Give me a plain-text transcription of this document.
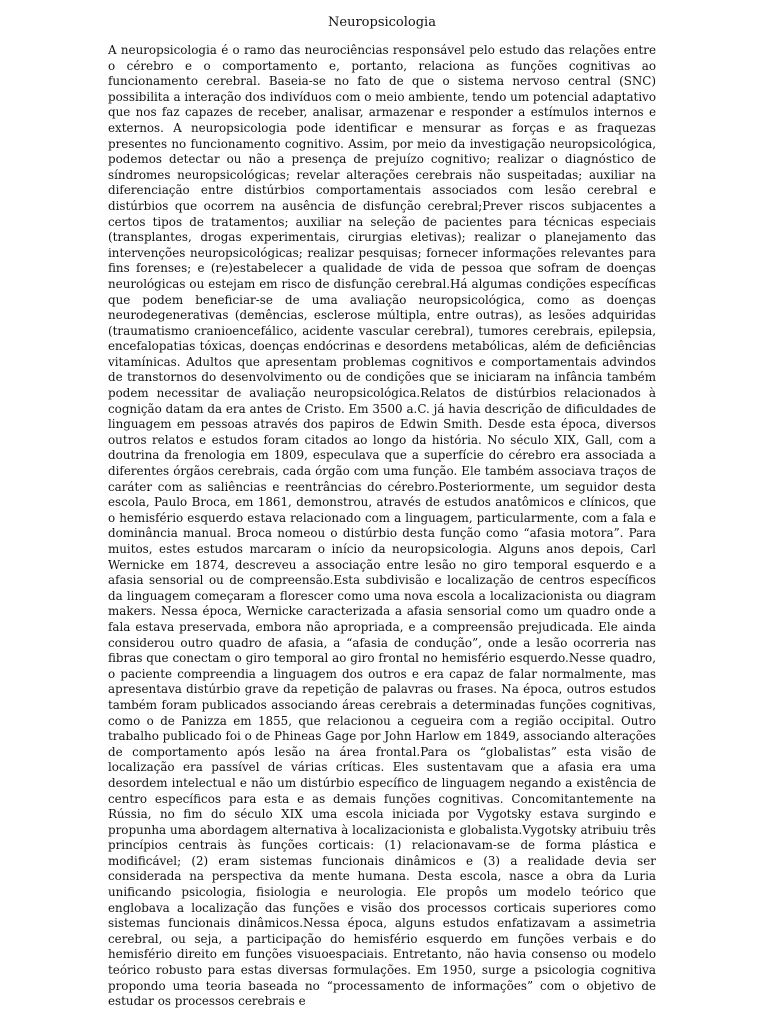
Neuropsicologia

A neuropsicologia é o ramo das neurociências responsável pelo estudo das relações entre o cérebro e o comportamento e, portanto, relaciona as funções cognitivas ao funcionamento cerebral. Baseia-se no fato de que o sistema nervoso central (SNC) possibilita a interação dos indivíduos com o meio ambiente, tendo um potencial adaptativo que nos faz capazes de receber, analisar, armazenar e responder a estímulos internos e externos. A neuropsicologia pode identificar e mensurar as forças e as fraquezas presentes no funcionamento cognitivo. Assim, por meio da investigação neuropsicológica, podemos detectar ou não a presença de prejuízo cognitivo; realizar o diagnóstico de síndromes neuropsicológicas; revelar alterações cerebrais não suspeitadas; auxiliar na diferenciação entre distúrbios comportamentais associados com lesão cerebral e distúrbios que ocorrem na ausência de disfunção cerebral;Prever riscos subjacentes a certos tipos de tratamentos; auxiliar na seleção de pacientes para técnicas especiais (transplantes, drogas experimentais, cirurgias eletivas); realizar o planejamento das intervenções neuropsicológicas; realizar pesquisas; fornecer informações relevantes para fins forenses; e (re)estabelecer a qualidade de vida de pessoa que sofram de doenças neurológicas ou estejam em risco de disfunção cerebral.Há algumas condições específicas que podem beneficiar-se de uma avaliação neuropsicológica, como as doenças neurodegenerativas (demências, esclerose múltipla, entre outras), as lesões adquiridas (traumatismo cranioencefálico, acidente vascular cerebral), tumores cerebrais, epilepsia, encefalopatias tóxicas, doenças endócrinas e desordens metabólicas, além de deficiências vitamínicas. Adultos que apresentam problemas cognitivos e comportamentais advindos de transtornos do desenvolvimento ou de condições que se iniciaram na infância também podem necessitar de avaliação neuropsicológica.Relatos de distúrbios relacionados à cognição datam da era antes de Cristo. Em 3500 a.C. já havia descrição de dificuldades de linguagem em pessoas através dos papiros de Edwin Smith. Desde esta época, diversos outros relatos e estudos foram citados ao longo da história. No século XIX, Gall, com a doutrina da frenologia em 1809, especulava que a superfície do cérebro era associada a diferentes órgãos cerebrais, cada órgão com uma função. Ele também associava traços de caráter com as saliências e reentrâncias do cérebro.Posteriormente, um seguidor desta escola, Paulo Broca, em 1861, demonstrou, através de estudos anatômicos e clínicos, que o hemisfério esquerdo estava relacionado com a linguagem, particularmente, com a fala e dominância manual. Broca nomeou o distúrbio desta função como “afasia motora”. Para muitos, estes estudos marcaram o início da neuropsicologia. Alguns anos depois, Carl Wernicke em 1874, descreveu a associação entre lesão no giro temporal esquerdo e a afasia sensorial ou de compreensão.Esta subdivisão e localização de centros específicos da linguagem começaram a florescer como uma nova escola a localizacionista ou diagram makers. Nessa época, Wernicke caracterizada a afasia sensorial como um quadro onde a fala estava preservada, embora não apropriada, e a compreensão prejudicada. Ele ainda considerou outro quadro de afasia, a “afasia de condução”, onde a lesão ocorreria nas fibras que conectam o giro temporal ao giro frontal no hemisfério esquerdo.Nesse quadro, o paciente compreendia a linguagem dos outros e era capaz de falar normalmente, mas apresentava distúrbio grave da repetição de palavras ou frases. Na época, outros estudos também foram publicados associando áreas cerebrais a determinadas funções cognitivas, como o de Panizza em 1855, que relacionou a cegueira com a região occipital. Outro trabalho publicado foi o de Phineas Gage por John Harlow em 1849, associando alterações de comportamento após lesão na área frontal.Para os “globalistas” esta visão de localização era passível de várias críticas. Eles sustentavam que a afasia era uma desordem intelectual e não um distúrbio específico de linguagem negando a existência de centro específicos para esta e as demais funções cognitivas. Concomitantemente na Rússia, no fim do século XIX uma escola iniciada por Vygotsky estava surgindo e propunha uma abordagem alternativa à localizacionista e globalista.Vygotsky atribuiu três princípios centrais às funções corticais: (1) relacionavam-se de forma plástica e modificável; (2) eram sistemas funcionais dinâmicos e (3) a realidade devia ser considerada na perspectiva da mente humana. Desta escola, nasce a obra da Luria unificando psicologia, fisiologia e neurologia. Ele propôs um modelo teórico que englobava a localização das funções e visão dos processos corticais superiores como sistemas funcionais dinâmicos.Nessa época, alguns estudos enfatizavam a assimetria cerebral, ou seja, a participação do hemisfério esquerdo em funções verbais e do hemisfério direito em funções visuoespaciais. Entretanto, não havia consenso ou modelo teórico robusto para estas diversas formulações. Em 1950, surge a psicologia cognitiva propondo uma teoria baseada no “processamento de informações” com o objetivo de estudar os processos cerebrais e
